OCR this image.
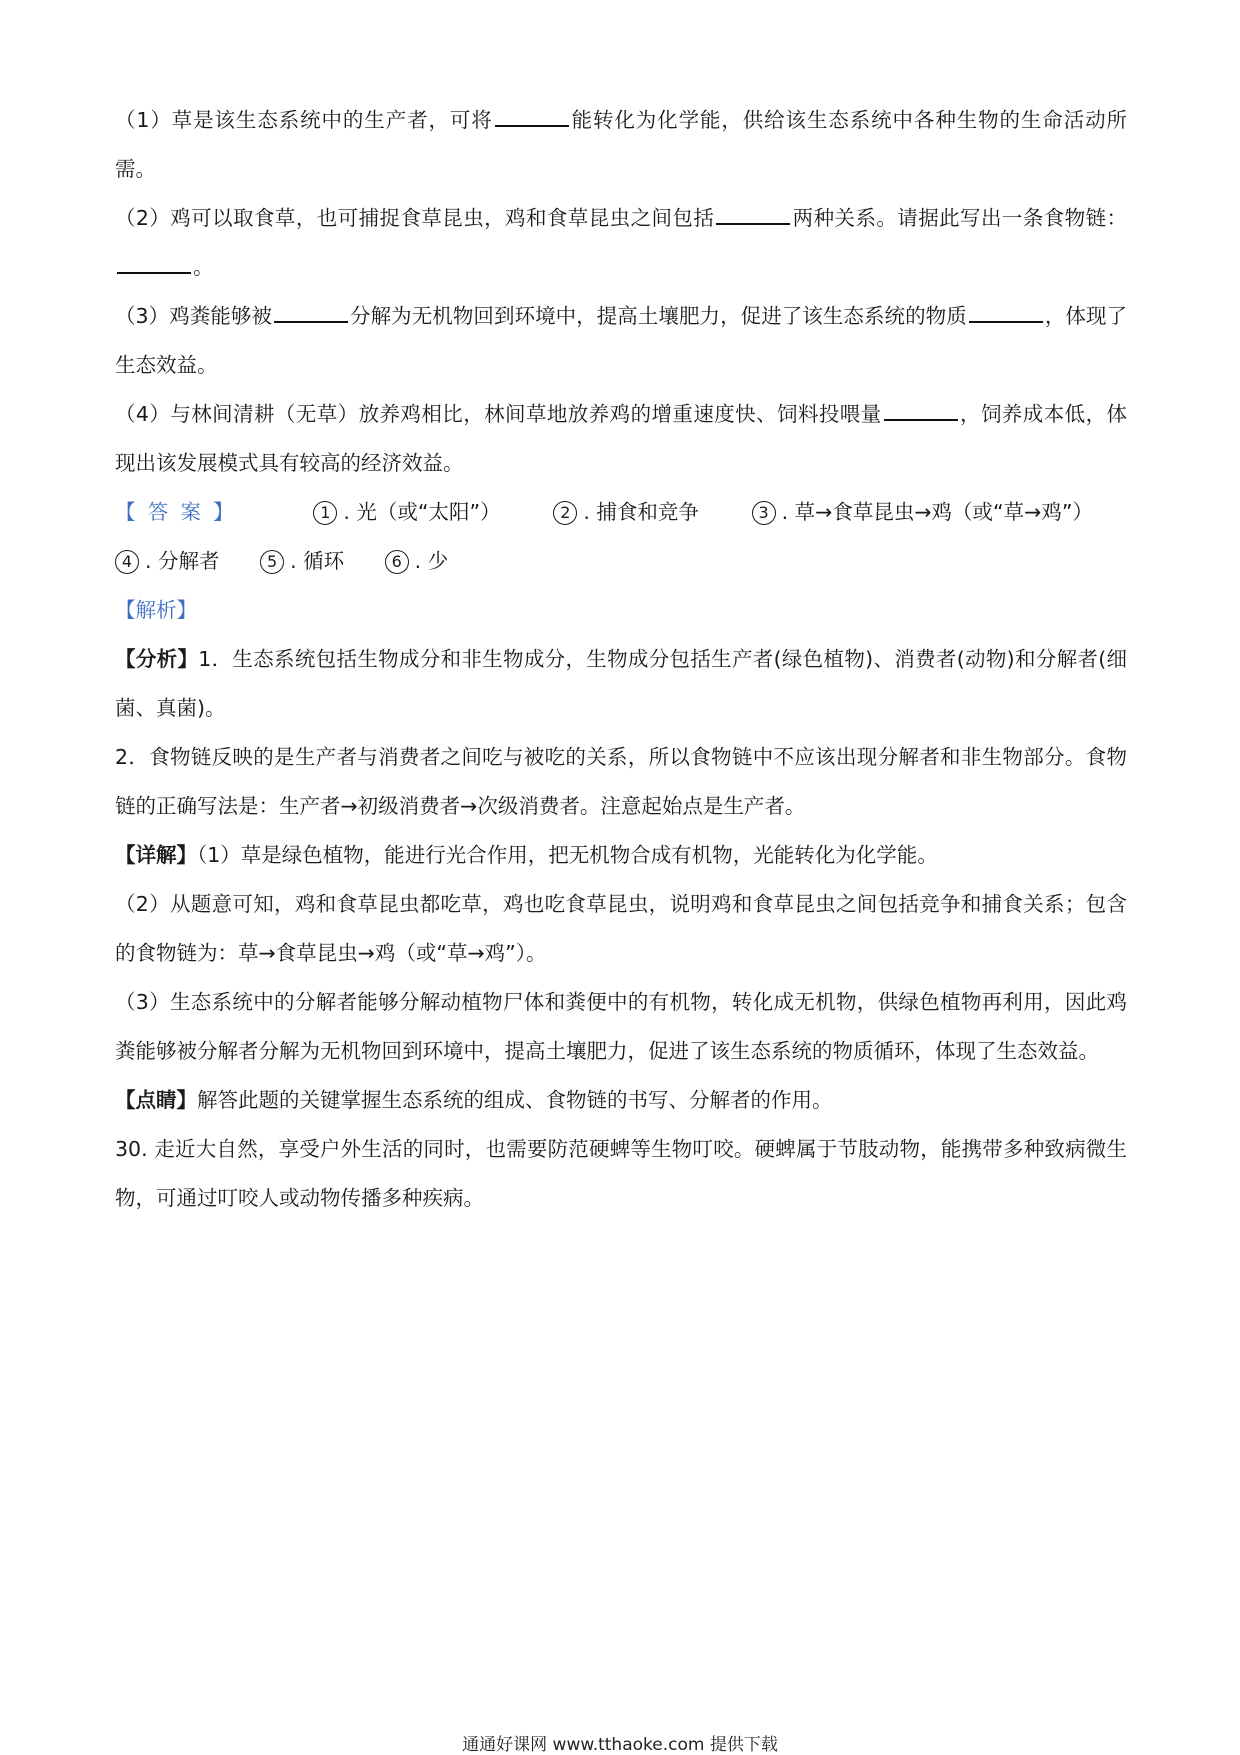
（1）草是该生态系统中的生产者，可将	能转化为化学能，供给该生态系统中各种生物的生命活动所需。

（2）鸡可以取食草，也可捕捉食草昆虫，鸡和食草昆虫之间包括	两种关系。请据此写出一条食物链：。

（3）鸡粪能够被	分解为无机物回到环境中，提高土壤肥力，促进了该生态系统的物质	，体现了生态效益。

（4）与林间清耕（无草）放养鸡相比，林间草地放养鸡的增重速度快、饲料投喂量	，饲养成本低，体现出该发展模式具有较高的经济效益。

【答案】	1 . 光（或“太阳”）	2 . 捕食和竞争	3 . 草→食草昆虫→鸡（或“草→鸡”） 4 . 分解者	5 . 循环	6 . 少

【解析】

【分析】1．生态系统包括生物成分和非生物成分，生物成分包括生产者(绿色植物)、消费者(动物)和分解者(细菌、真菌)。

2．食物链反映的是生产者与消费者之间吃与被吃的关系，所以食物链中不应该出现分解者和非生物部分。食物链的正确写法是：生产者→初级消费者→次级消费者。注意起始点是生产者。

【详解】（1）草是绿色植物，能进行光合作用，把无机物合成有机物，光能转化为化学能。

（2）从题意可知，鸡和食草昆虫都吃草，鸡也吃食草昆虫，说明鸡和食草昆虫之间包括竞争和捕食关系；包含的食物链为：草→食草昆虫→鸡（或“草→鸡”）。

（3）生态系统中的分解者能够分解动植物尸体和粪便中的有机物，转化成无机物，供绿色植物再利用，因此鸡粪能够被分解者分解为无机物回到环境中，提高土壤肥力，促进了该生态系统的物质循环，体现了生态效益。

【点睛】解答此题的关键掌握生态系统的组成、食物链的书写、分解者的作用。

30. 走近大自然，享受户外生活的同时，也需要防范硬蜱等生物叮咬。硬蜱属于节肢动物，能携带多种致病微生物，可通过叮咬人或动物传播多种疾病。

通通好课网 www.tthaoke.com 提供下载
